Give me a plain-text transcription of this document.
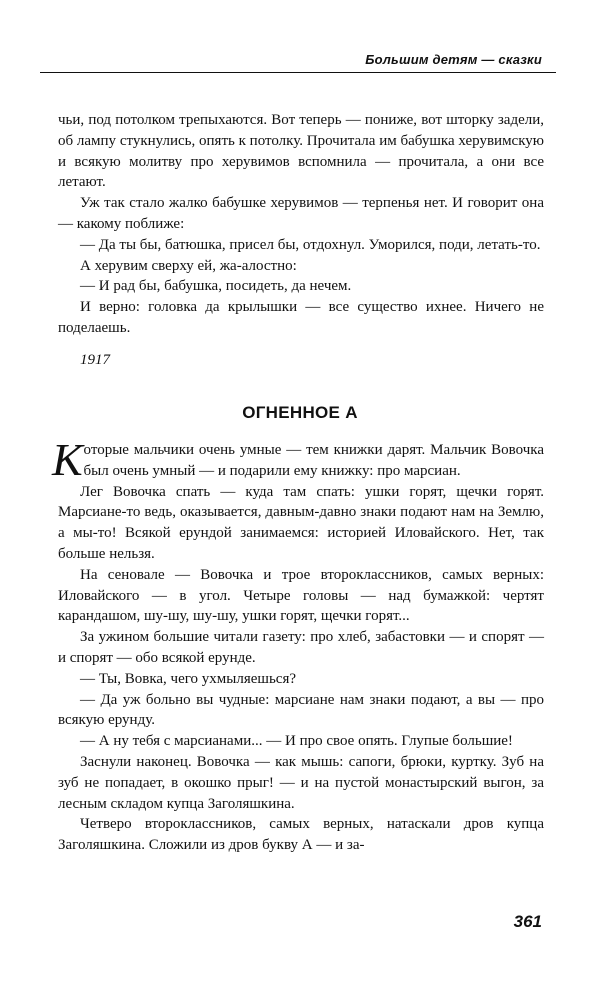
Большим детям — сказки

чьи, под потолком трепыхаются. Вот теперь — пониже, вот шторку задели, об лампу стукнулись, опять к потолку. Прочитала им бабушка херувимскую и всякую молитву про херувимов вспомнила — прочитала, а они все летают.

Уж так стало жалко бабушке херувимов — терпенья нет. И говорит она — какому поближе:

— Да ты бы, батюшка, присел бы, отдохнул. Уморился, поди, летать-то.

А херувим сверху ей, жа-алостно:

— И рад бы, бабушка, посидеть, да нечем.

И верно: головка да крылышки — все существо ихнее. Ничего не поделаешь.

1917
ОГНЕННОЕ А

Которые мальчики очень умные — тем книжки дарят. Мальчик Вовочка был очень умный — и подарили ему книжку: про марсиан.

Лег Вовочка спать — куда там спать: ушки горят, щечки горят. Марсиане-то ведь, оказывается, давным-давно знаки подают нам на Землю, а мы-то! Всякой ерундой занимаемся: историей Иловайского. Нет, так больше нельзя.

На сеновале — Вовочка и трое второклассников, самых верных: Иловайского — в угол. Четыре головы — над бумажкой: чертят карандашом, шу-шу, шу-шу, ушки горят, щечки горят...

За ужином большие читали газету: про хлеб, забастовки — и спорят — и спорят — обо всякой ерунде.

— Ты, Вовка, чего ухмыляешься?

— Да уж больно вы чудные: марсиане нам знаки подают, а вы — про всякую ерунду.

— А ну тебя с марсианами... — И про свое опять. Глупые большие!

Заснули наконец. Вовочка — как мышь: сапоги, брюки, куртку. Зуб на зуб не попадает, в окошко прыг! — и на пустой монастырский выгон, за лесным складом купца Заголяшкина.

Четверо второклассников, самых верных, натаскали дров купца Заголяшкина. Сложили из дров букву А — и за-

361
